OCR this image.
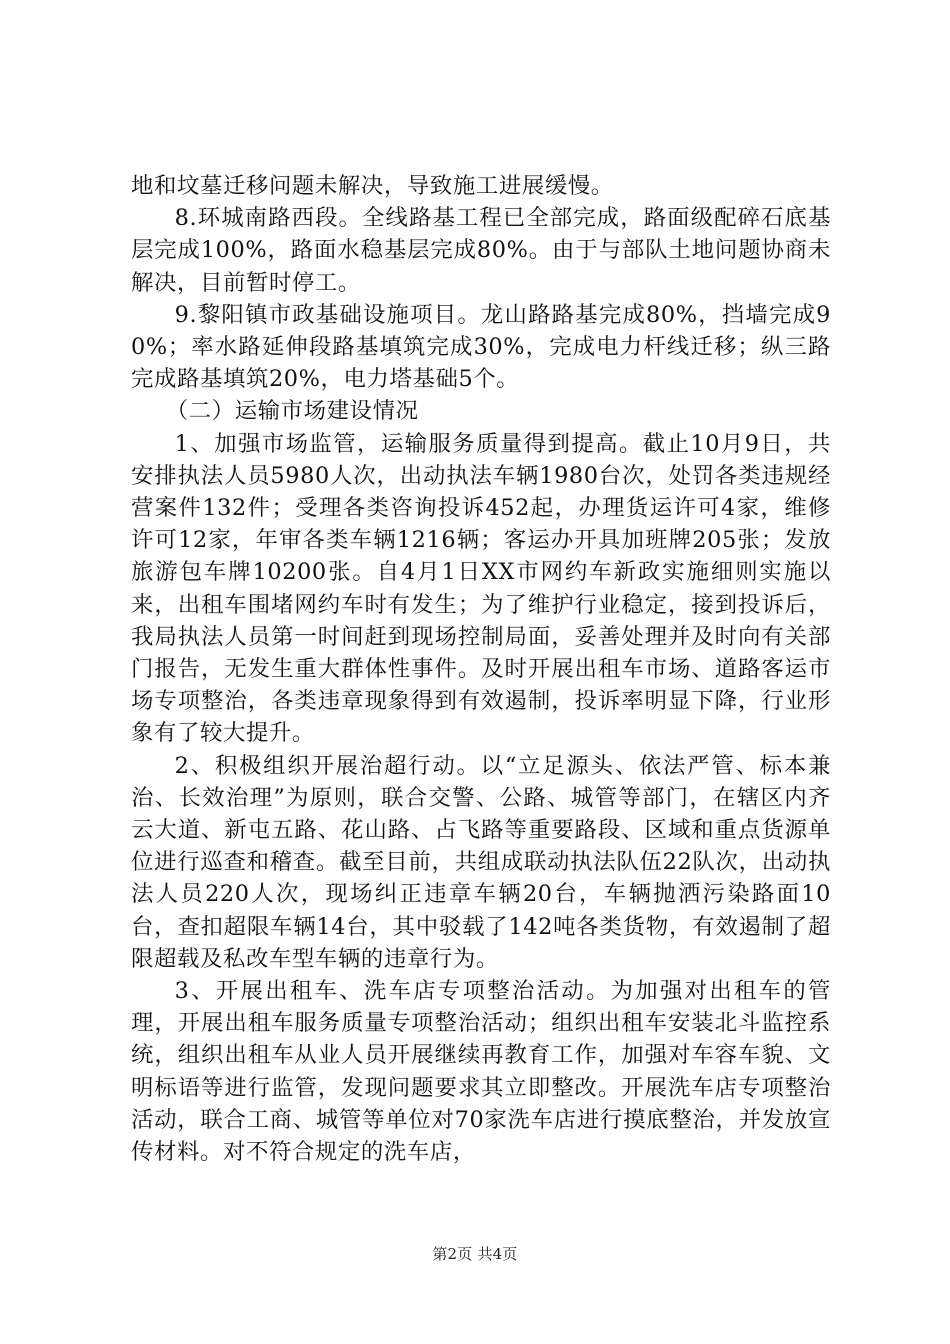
地和坟墓迁移问题未解决，导致施工进展缓慢。

8.环城南路西段。全线路基工程已全部完成，路面级配碎石底基层完成100%，路面水稳基层完成80%。由于与部队土地问题协商未解决，目前暂时停工。

9.黎阳镇市政基础设施项目。龙山路路基完成80%，挡墙完成90%；率水路延伸段路基填筑完成30%，完成电力杆线迁移；纵三路完成路基填筑20%，电力塔基础5个。

（二）运输市场建设情况

1、加强市场监管，运输服务质量得到提高。截止10月9日，共安排执法人员5980人次，出动执法车辆1980台次，处罚各类违规经营案件132件；受理各类咨询投诉452起，办理货运许可4家，维修许可12家，年审各类车辆1216辆；客运办开具加班牌205张；发放旅游包车牌10200张。自4月1日XX市网约车新政实施细则实施以来，出租车围堵网约车时有发生；为了维护行业稳定，接到投诉后，我局执法人员第一时间赶到现场控制局面，妥善处理并及时向有关部门报告，无发生重大群体性事件。及时开展出租车市场、道路客运市场专项整治，各类违章现象得到有效遏制，投诉率明显下降，行业形象有了较大提升。

2、积极组织开展治超行动。以“立足源头、依法严管、标本兼治、长效治理”为原则，联合交警、公路、城管等部门，在辖区内齐云大道、新屯五路、花山路、占飞路等重要路段、区域和重点货源单位进行巡查和稽查。截至目前，共组成联动执法队伍22队次，出动执法人员220人次，现场纠正违章车辆20台，车辆抛洒污染路面10台，查扣超限车辆14台，其中驳载了142吨各类货物，有效遏制了超限超载及私改车型车辆的违章行为。

3、开展出租车、洗车店专项整治活动。为加强对出租车的管理，开展出租车服务质量专项整治活动；组织出租车安装北斗监控系统，组织出租车从业人员开展继续再教育工作，加强对车容车貌、文明标语等进行监管，发现问题要求其立即整改。开展洗车店专项整治活动，联合工商、城管等单位对70家洗车店进行摸底整治，并发放宣传材料。对不符合规定的洗车店，

第2页 共4页
